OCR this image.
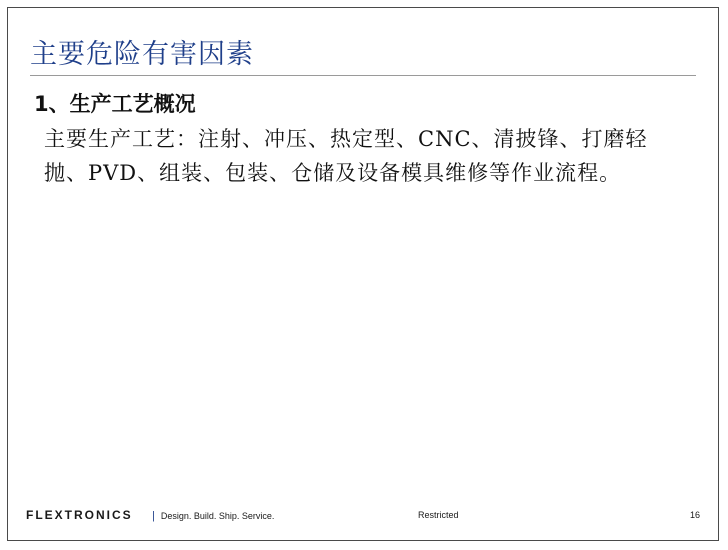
主要危险有害因素
1、生产工艺概况
主要生产工艺：注射、冲压、热定型、CNC、清披锋、打磨轻抛、PVD、组装、包装、仓储及设备模具维修等作业流程。
FLEXTRONICS | Design. Build. Ship. Service.	Restricted	16
